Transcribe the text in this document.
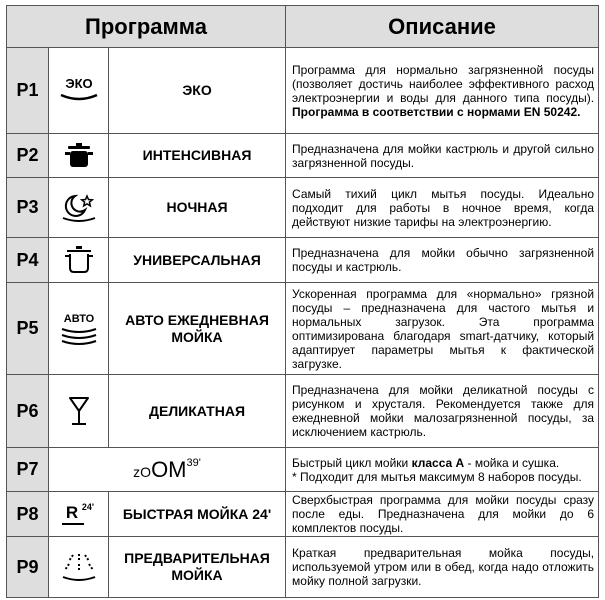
Программа			Описание
P1	ЭКО	ЭКО	Программа для нормально загрязненной посуды (позволяет достичь наиболее эффективного расход электроэнергии и воды для данного типа посуды). Программа в соответствии с нормами EN 50242.
P2		ИНТЕНСИВНАЯ	Предназначена для мойки кастрюль и другой сильно загрязненной посуды.
P3		НОЧНАЯ	Самый тихий цикл мытья посуды. Идеально подходит для работы в ночное время, когда действуют низкие тарифы на электроэнергию.
P4		УНИВЕРСАЛЬНАЯ	Предназначена для мойки обычно загрязненной посуды и кастрюль.
P5	АВТО	АВТО ЕЖЕДНЕВНАЯ МОЙКА	Ускоренная программа для «нормально» грязной посуды – предназначена для частого мытья и нормальных загрузок. Эта программа оптимизирована благодаря smart-датчику, который адаптирует параметры мытья к фактической загрузке.
P6		ДЕЛИКАТНАЯ	Предназначена для мойки деликатной посуды с рисунком и хрусталя. Рекомендуется также для ежедневной мойки малозагрязненной посуды, за исключением кастрюль.
P7	zOOM$^{39'}$		Быстрый цикл мойки класса A - мойка и сушка.
* Подходит для мытья максимум 8 наборов посуды.
P8	R 24'	БЫСТРАЯ МОЙКА 24'	Сверхбыстрая программа для мойки посуды сразу после еды. Предназначена для мойки до 6 комплектов посуды.
P9		ПРЕДВАРИТЕЛЬНАЯ МОЙКА	Краткая предварительная мойка посуды, используемой утром или в обед, когда надо отложить мойку полной загрузки.
